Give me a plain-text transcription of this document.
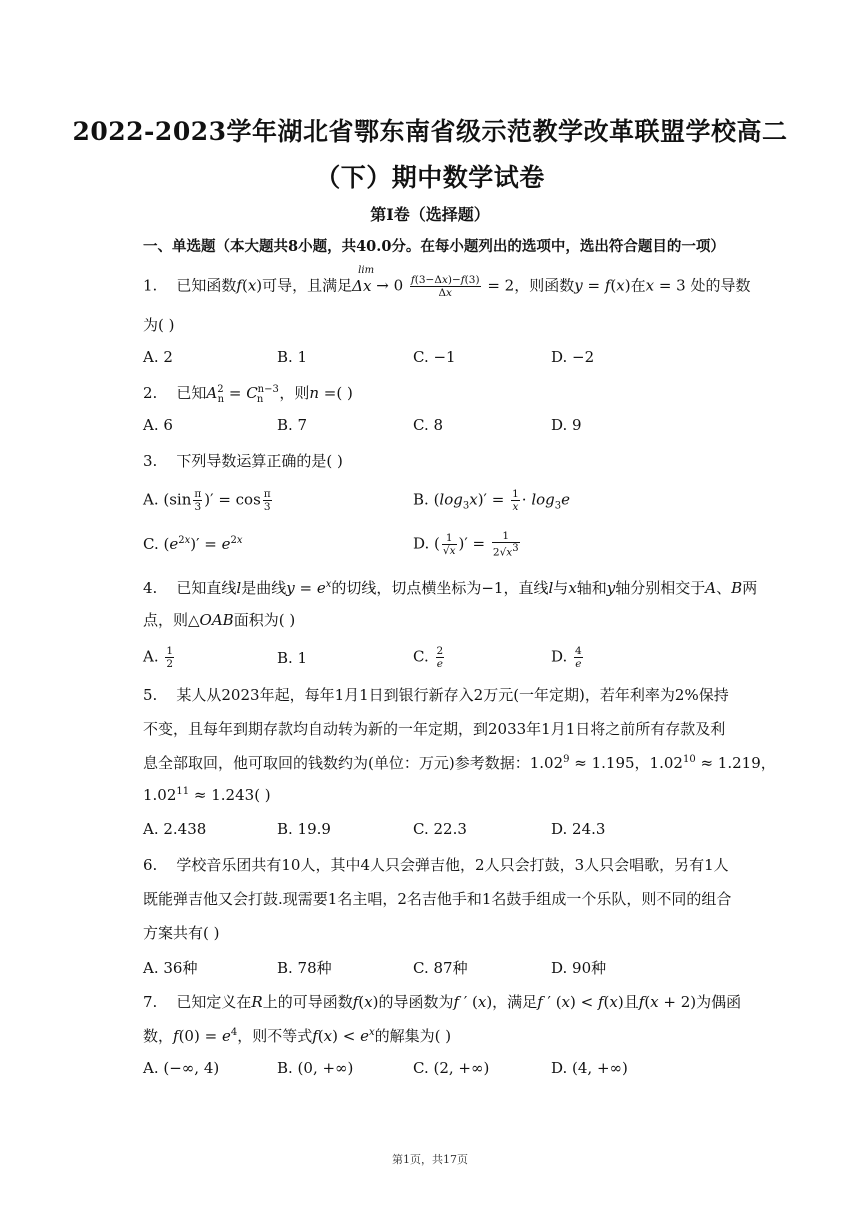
2022-2023学年湖北省鄂东南省级示范教学改革联盟学校高二
（下）期中数学试卷
第I卷（选择题）
一、单选题（本大题共8小题，共40.0分。在每小题列出的选项中，选出符合题目的一项）
1. 已知函数f(x)可导，且满足Δx
lim
→ $0 \frac{f(3-\Delta x)-f(3)}{\Delta x} = 2$，则函数y = f(x)在x = 3 处的导数
为( )
A. 2	B. 1	C. −1	D. −2
2. 已知$A^2_n = C^{n-3}_n$ ，则n =( )
A. 6	B. 7	C. 8	D. 9
3. 下列导数运算正确的是( )
A. ($\sin \frac{\pi}{3}$ )′ = $\cos \frac{\pi}{3}$	B. $(\log_3x)' = \frac{1}{x} \cdot \log_3e$
C. $(e^{2x})' = e^{2x}$	D. ( $\frac{1}{√x}$ )′ = $\frac{1}{2√x^3}$
4. 已知直线l是曲线$y = e^x$的切线，切点横坐标为−1，直线l与x轴和y轴分别相交于A、B两
点，则△OAB面积为( )
A. $\frac{1}{2}$	B. 1	C. $\frac{2}{e}$	D. $\frac{4}{e}$
5. 某人从2023年起，每年1月1日到银行新存入2万元(一年定期)，若年利率为2%保持
不变，且每年到期存款均自动转为新的一年定期，到2033年1月1日将之前所有存款及利
息全部取回，他可取回的钱数约为(单位：万元)参考数据：$1.02^9 \approx 1.195$，$1.02^{10} \approx 1.219$，
$1.02^{11} \approx 1.243$( )
A. 2.438	B. 19.9	C. 22.3	D. 24.3
6. 学校音乐团共有10人，其中4人只会弹吉他，2人只会打鼓，3人只会唱歌，另有1人
既能弹吉他又会打鼓.现需要1名主唱，2名吉他手和1名鼓手组成一个乐队，则不同的组合
方案共有( )
A. 36种	B. 78种	C. 87种	D. 90种
7. 已知定义在R上的可导函数f(x)的导函数为f ′ (x)，满足f ′ (x) < f(x)且f(x + 2)为偶函
数，$f(0) = e^4$，则不等式$f(x) < e^x$的解集为( )
A. (−∞, 4)	B. (0, +∞)	C. (2, +∞)	D. (4, +∞)
第1页，共17页
